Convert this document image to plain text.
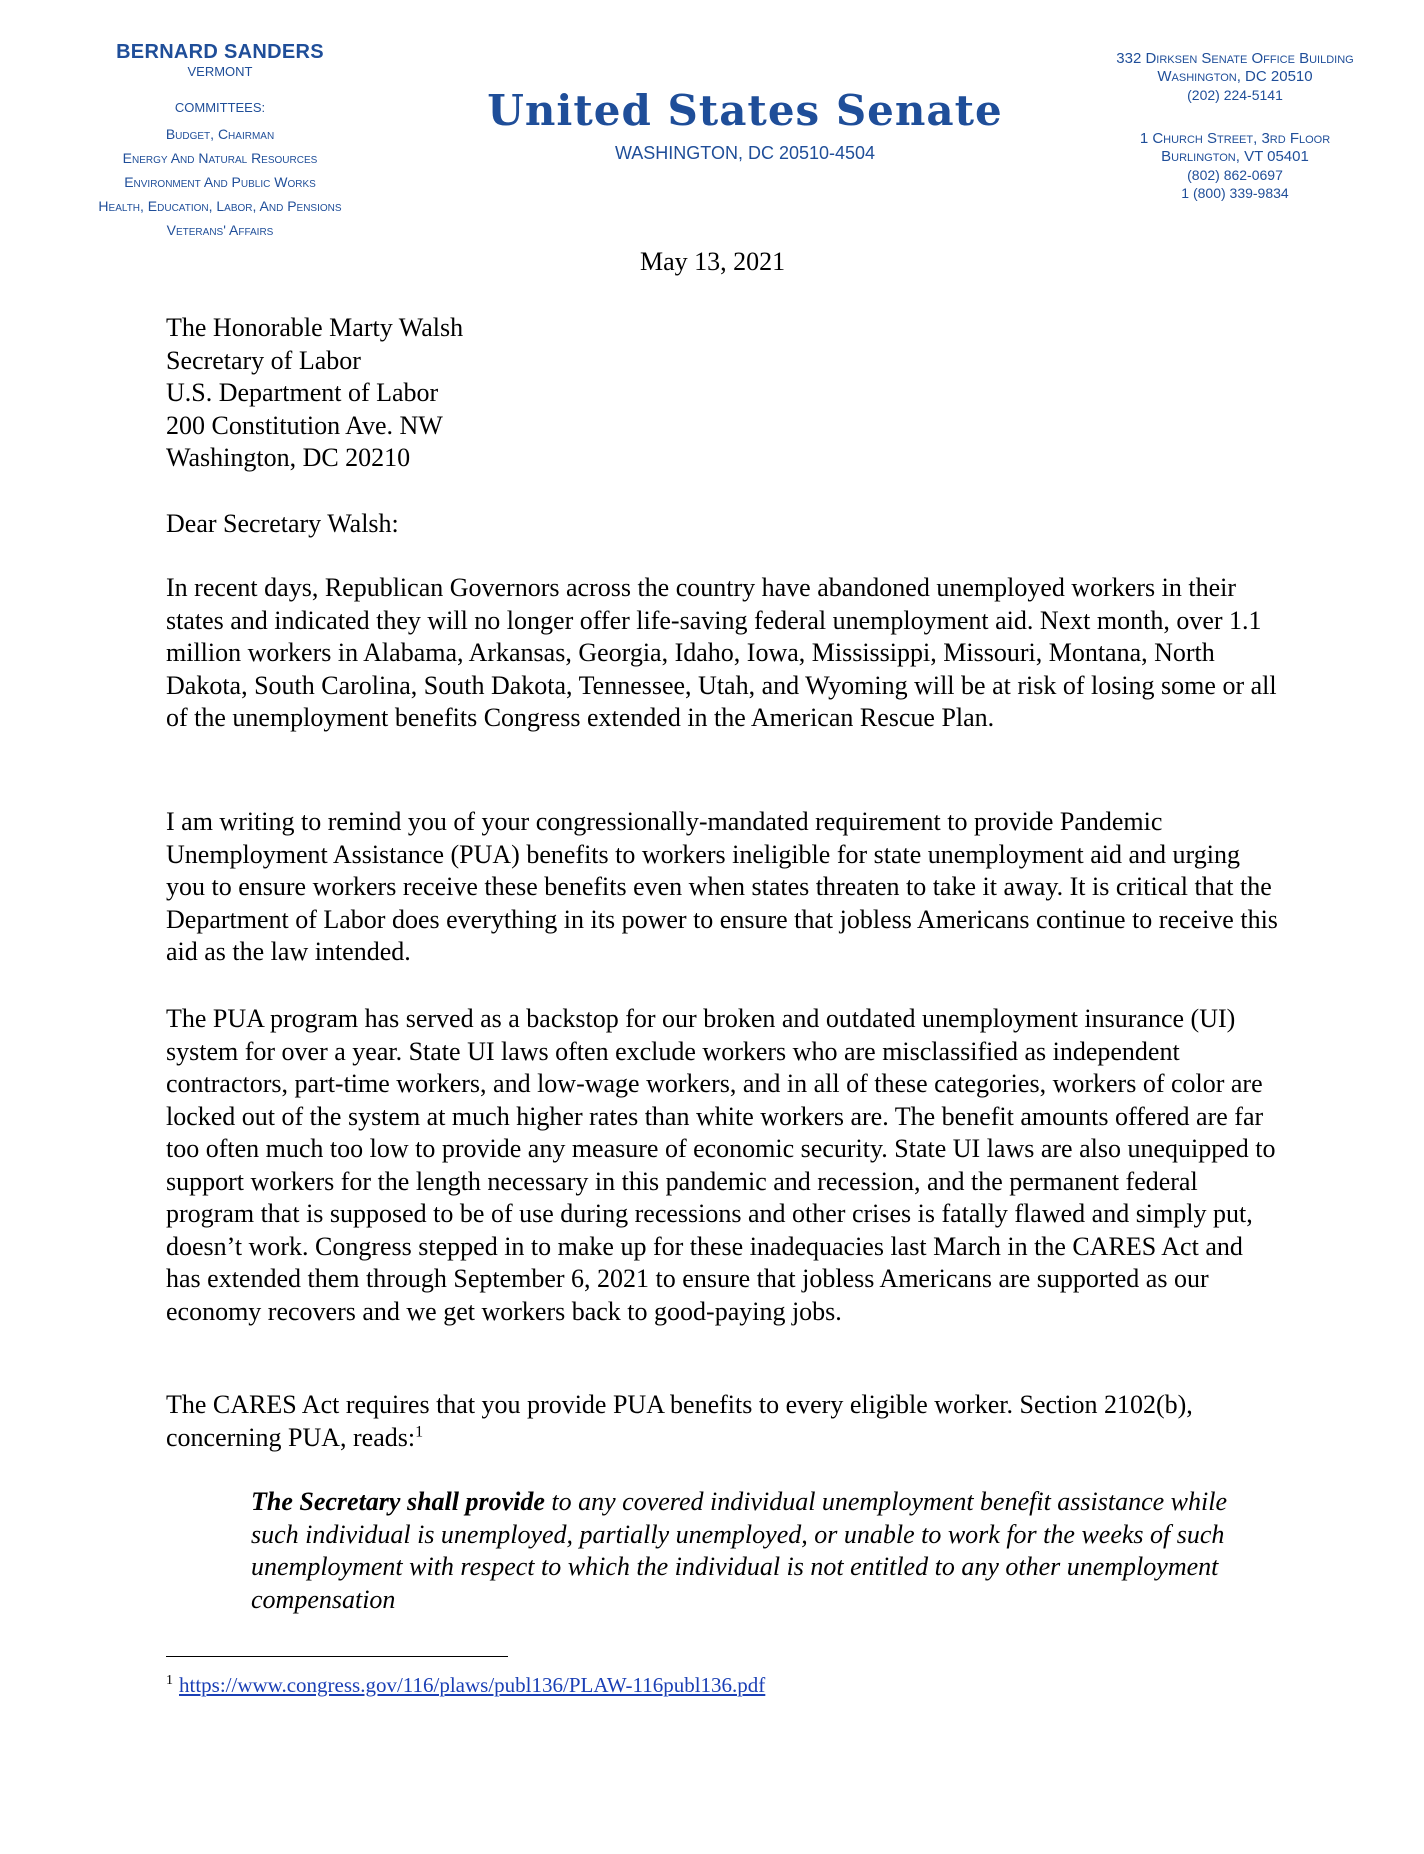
BERNARD SANDERS
VERMONT
COMMITTEES:
Budget, Chairman
Energy And Natural Resources
Environment And Public Works
Health, Education, Labor, And Pensions
Veterans' Affairs
United States Senate
WASHINGTON, DC 20510-4504
332 Dirksen Senate Office Building
Washington, DC 20510
(202) 224-5141
1 Church Street, 3rd Floor
Burlington, VT 05401
(802) 862-0697
1 (800) 339-9834
May 13, 2021
The Honorable Marty Walsh
Secretary of Labor
U.S. Department of Labor
200 Constitution Ave. NW
Washington, DC 20210
Dear Secretary Walsh:

In recent days, Republican Governors across the country have abandoned unemployed workers in their states and indicated they will no longer offer life-saving federal unemployment aid. Next month, over 1.1 million workers in Alabama, Arkansas, Georgia, Idaho, Iowa, Mississippi, Missouri, Montana, North Dakota, South Carolina, South Dakota, Tennessee, Utah, and Wyoming will be at risk of losing some or all of the unemployment benefits Congress extended in the American Rescue Plan.

I am writing to remind you of your congressionally-mandated requirement to provide Pandemic Unemployment Assistance (PUA) benefits to workers ineligible for state unemployment aid and urging you to ensure workers receive these benefits even when states threaten to take it away. It is critical that the Department of Labor does everything in its power to ensure that jobless Americans continue to receive this aid as the law intended.

The PUA program has served as a backstop for our broken and outdated unemployment insurance (UI) system for over a year. State UI laws often exclude workers who are misclassified as independent contractors, part-time workers, and low-wage workers, and in all of these categories, workers of color are locked out of the system at much higher rates than white workers are. The benefit amounts offered are far too often much too low to provide any measure of economic security. State UI laws are also unequipped to support workers for the length necessary in this pandemic and recession, and the permanent federal program that is supposed to be of use during recessions and other crises is fatally flawed and simply put, doesn’t work. Congress stepped in to make up for these inadequacies last March in the CARES Act and has extended them through September 6, 2021 to ensure that jobless Americans are supported as our economy recovers and we get workers back to good-paying jobs.

The CARES Act requires that you provide PUA benefits to every eligible worker. Section 2102(b), concerning PUA, reads:$^1$

The Secretary shall provide to any covered individual unemployment benefit assistance while such individual is unemployed, partially unemployed, or unable to work for the weeks of such unemployment with respect to which the individual is not entitled to any other unemployment compensation
$^1$ https://www.congress.gov/116/plaws/publ136/PLAW-116publ136.pdf
